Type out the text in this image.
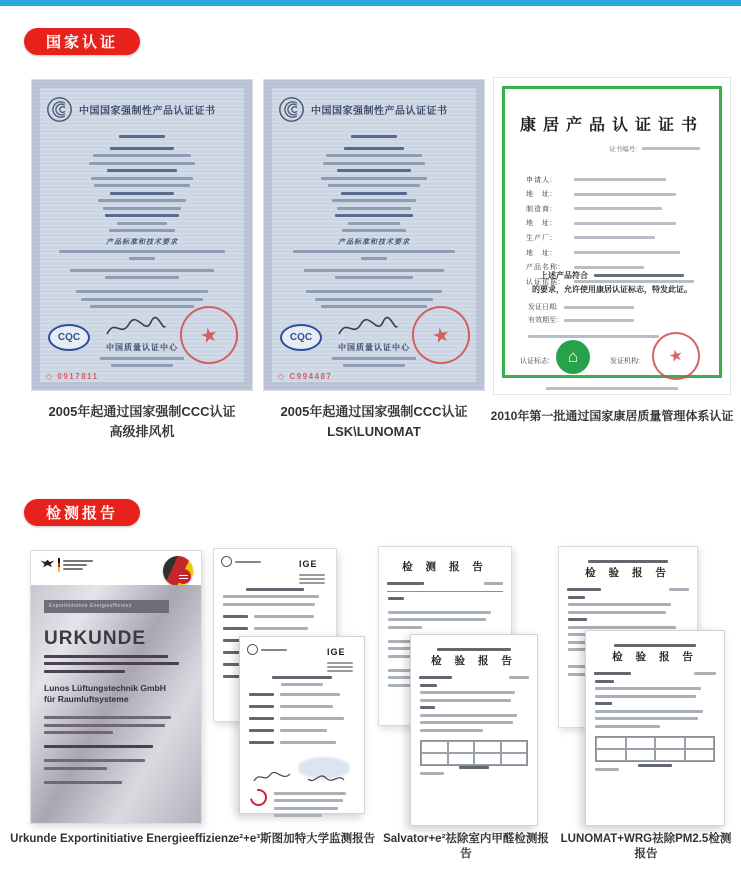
国家认证
中国国家强制性产品认证证书
产品标准和技术要求
CQC
中国质量认证中心	★
◇ 0917811
中国国家强制性产品认证证书
产品标准和技术要求
CQC
中国质量认证中心	★
◇ C994487
康居产品认证证书
证书编号:
申请人:
地　址:
制造商:
地　址:
生产厂:
地　址:
产品名称:
认证依据:
上述产品符合
的要求，允许使用康居认证标志，特发此证。
发证日期:
有效期至:
认证标志: ⌂	发证机构: ★
2005年起通过国家强制CCC认证
高级排风机
2005年起通过国家强制CCC认证
LSK\LUNOMAT
2010年第一批通过国家康居质量管理体系认证
检测报告
Exportinitiative Energieeffizienz
URKUNDE
Lunos Lüftungstechnik GmbH für Raumluftsysteme
IGE
IGE
检 测 报 告
检 验 报 告
检 验 报 告
检 验 报 告
Urkunde Exportinitiative Energieeffizienz e²+e³斯图加特大学监测报告 Salvator+e²祛除室内甲醛检测报告
LUNOMAT+WRG祛除PM2.5检测报告
